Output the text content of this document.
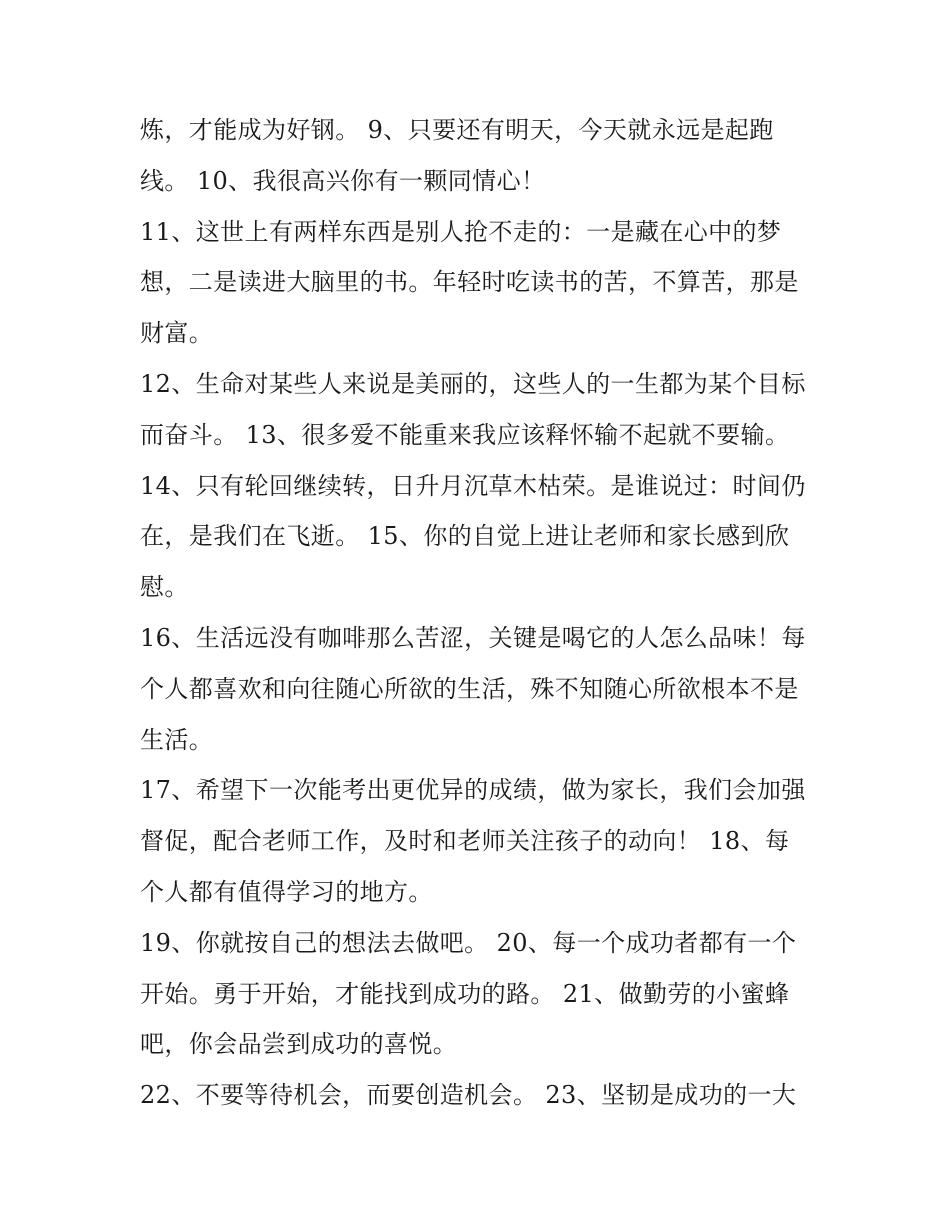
炼，才能成为好钢。 9、只要还有明天，今天就永远是起跑
线。 10、我很高兴你有一颗同情心！
11、这世上有两样东西是别人抢不走的：一是藏在心中的梦
想，二是读进大脑里的书。年轻时吃读书的苦，不算苦，那是
财富。
12、生命对某些人来说是美丽的，这些人的一生都为某个目标
而奋斗。 13、很多爱不能重来我应该释怀输不起就不要输。
14、只有轮回继续转，日升月沉草木枯荣。是谁说过：时间仍
在，是我们在飞逝。 15、你的自觉上进让老师和家长感到欣
慰。
16、生活远没有咖啡那么苦涩，关键是喝它的人怎么品味！每
个人都喜欢和向往随心所欲的生活，殊不知随心所欲根本不是
生活。
17、希望下一次能考出更优异的成绩，做为家长，我们会加强
督促，配合老师工作，及时和老师关注孩子的动向！ 18、每
个人都有值得学习的地方。
19、你就按自己的想法去做吧。 20、每一个成功者都有一个
开始。勇于开始，才能找到成功的路。 21、做勤劳的小蜜蜂
吧，你会品尝到成功的喜悦。
22、不要等待机会，而要创造机会。 23、坚韧是成功的一大
